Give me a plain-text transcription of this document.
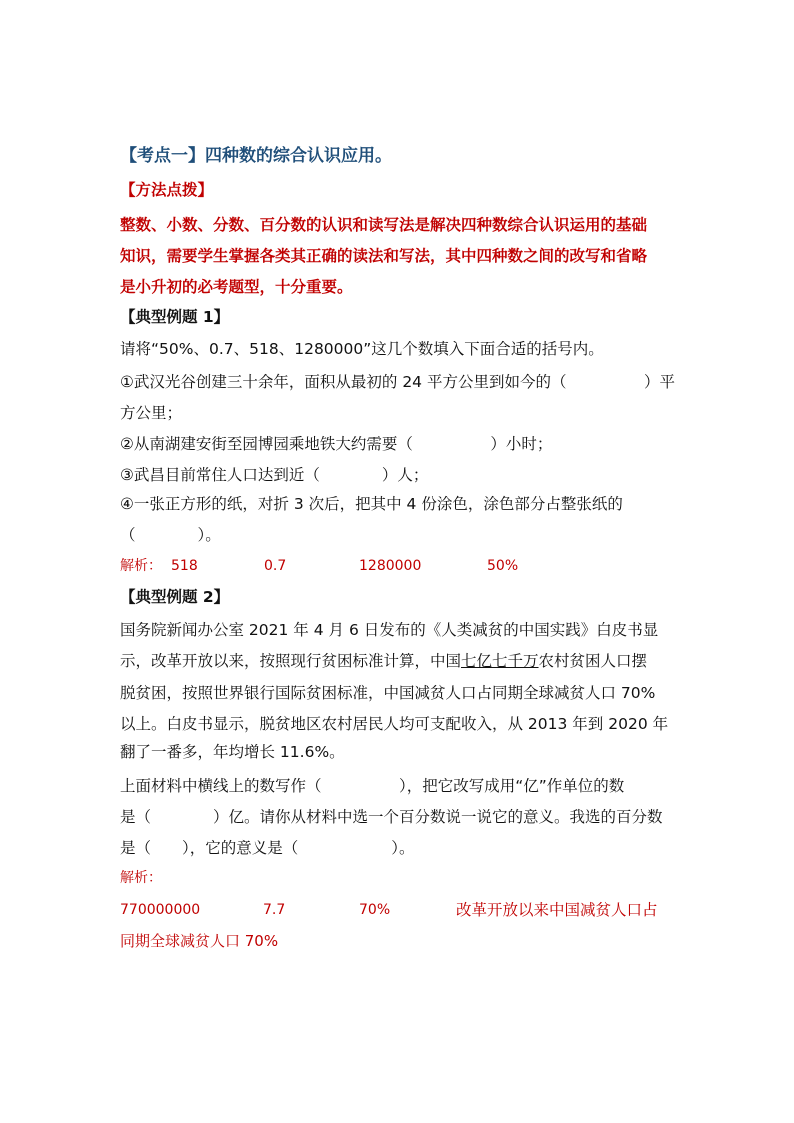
【考点一】四种数的综合认识应用。
【方法点拨】
整数、小数、分数、百分数的认识和读写法是解决四种数综合认识运用的基础
知识，需要学生掌握各类其正确的读法和写法，其中四种数之间的改写和省略
是小升初的必考题型，十分重要。
【典型例题 1】
请将“50%、0.7、518、1280000”这几个数填入下面合适的括号内。
①武汉光谷创建三十余年，面积从最初的 24 平方公里到如今的（　　　　　）平
方公里；
②从南湖建安街至园博园乘地铁大约需要（　　　　　）小时；
③武昌目前常住人口达到近（　　　　）人；
④一张正方形的纸，对折 3 次后，把其中 4 份涂色，涂色部分占整张纸的
（　　　　）。
解析： 518	0.7	1280000	50%
【典型例题 2】
国务院新闻办公室 2021 年 4 月 6 日发布的《人类减贫的中国实践》白皮书显
示，改革开放以来，按照现行贫困标准计算，中国七亿七千万农村贫困人口摆
脱贫困，按照世界银行国际贫困标准，中国减贫人口占同期全球减贫人口 70%
以上。白皮书显示，脱贫地区农村居民人均可支配收入，从 2013 年到 2020 年
翻了一番多，年均增长 11.6%。
上面材料中横线上的数写作（　　　　　），把它改写成用“亿”作单位的数
是（　　　　）亿。请你从材料中选一个百分数说一说它的意义。我选的百分数
是（　　），它的意义是（　　　　　　）。
解析：
770000000	7.7	70%	改革开放以来中国减贫人口占
同期全球减贫人口 70%
